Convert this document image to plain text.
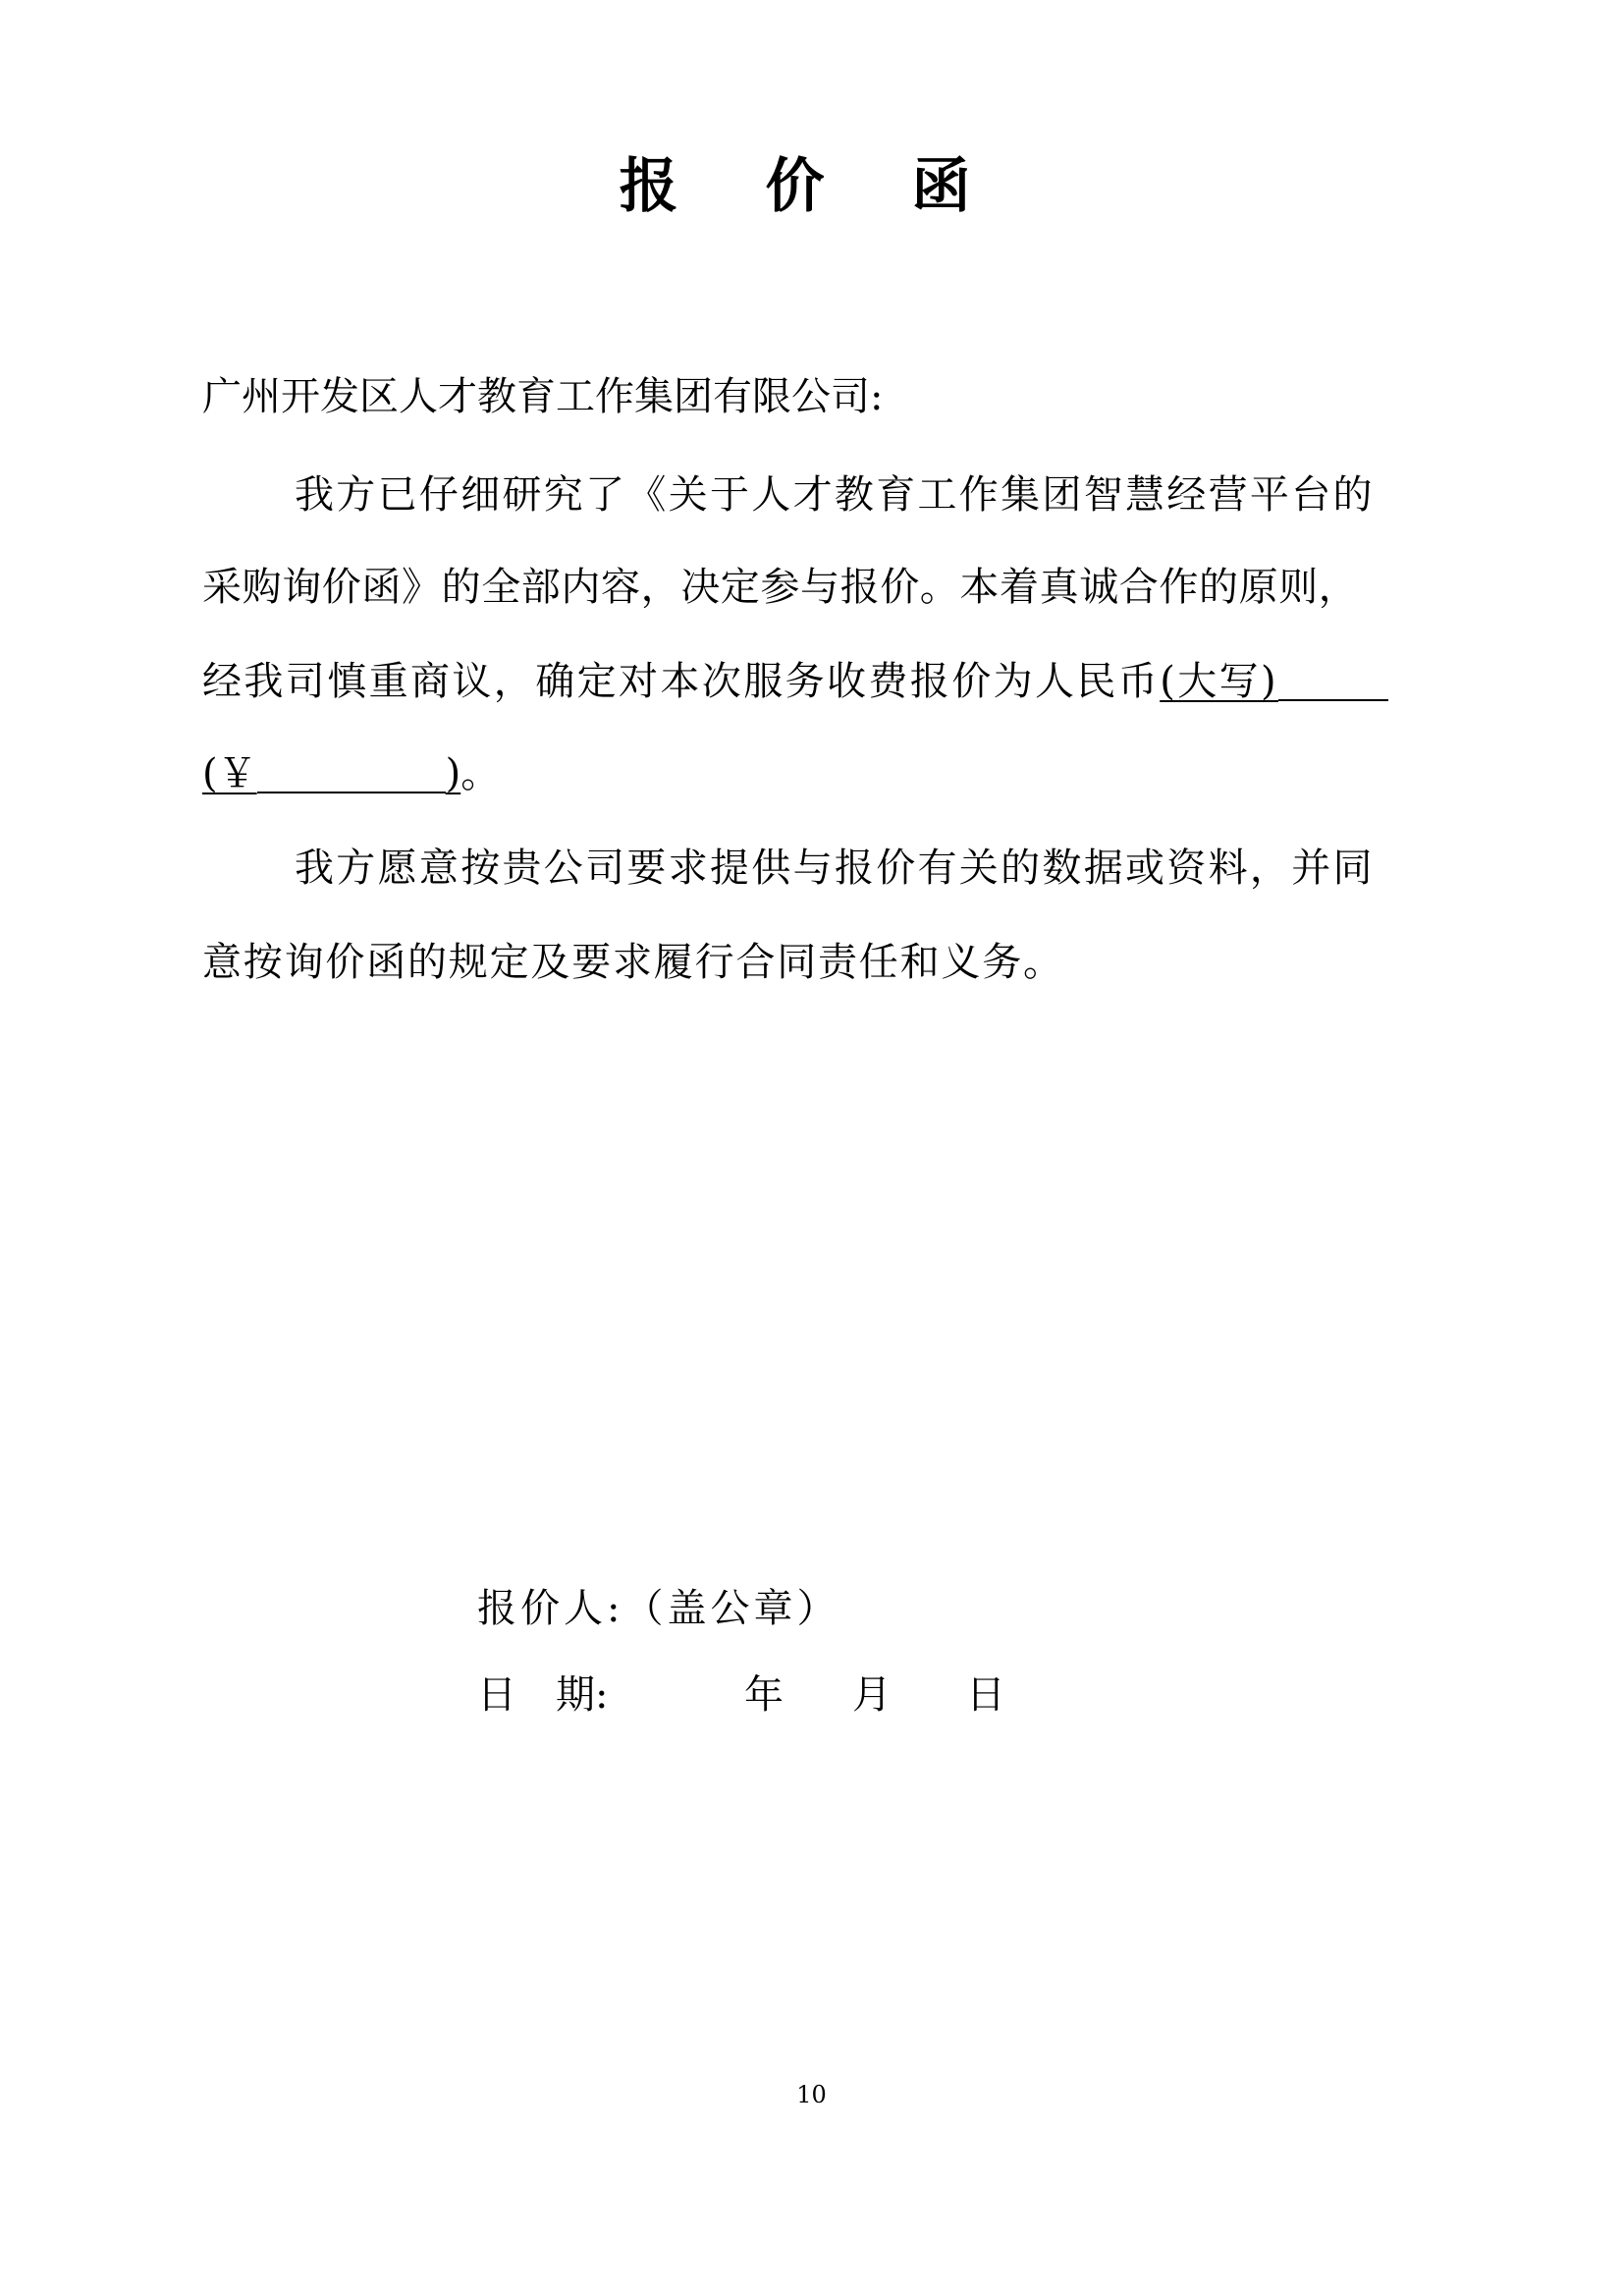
报 价 函
广州开发区人才教育工作集团有限公司:
我方已仔细研究了《关于人才教育工作集团智慧经营平台的
采购询价函》的全部内容，决定参与报价。本着真诚合作的原则，
经我司慎重商议，确定对本次服务收费报价为人民币(大写)
(￥	)。
我方愿意按贵公司要求提供与报价有关的数据或资料，并同
意按询价函的规定及要求履行合同责任和义务。
报价人:（盖公章）
日　期:	年 月 日
10
